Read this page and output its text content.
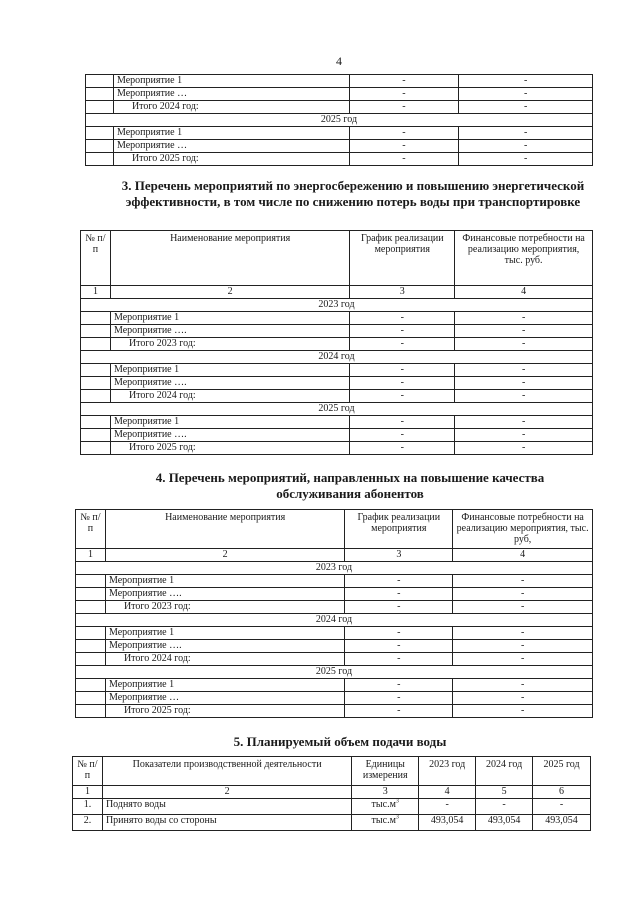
4
	Мероприятие 1	-	-
	Мероприятие …	-	-
	Итого 2024 год:	-	-
2025 год			
	Мероприятие 1	-	-
	Мероприятие …	-	-
	Итого 2025 год:	-	-
3. Перечень мероприятий по энергосбережению и повышению энергетической эффективности, в том числе по снижению потерь воды при транспортировке
№ п/п	Наименование мероприятия	График реализации мероприятия	Финансовые потребности на реализацию мероприятия, тыс. руб.
1	2	3	4
2023 год			
	Мероприятие 1	-	-
	Мероприятие ….	-	-
	Итого 2023 год:	-	-
2024 год			
	Мероприятие 1	-	-
	Мероприятие ….	-	-
	Итого 2024 год:	-	-
2025 год			
	Мероприятие 1	-	-
	Мероприятие ….	-	-
	Итого 2025 год:	-	-
4. Перечень мероприятий, направленных на повышение качества обслуживания абонентов
№ п/п	Наименование мероприятия	График реализации мероприятия	Финансовые потребности на реализацию мероприятия, тыс. руб,
1	2	3	4
2023 год			
	Мероприятие 1	-	-
	Мероприятие ….	-	-
	Итого 2023 год:	-	-
2024 год			
	Мероприятие 1	-	-
	Мероприятие ….	-	-
	Итого 2024 год:	-	-
2025 год			
	Мероприятие 1	-	-
	Мероприятие …	-	-
	Итого 2025 год:	-	-
5. Планируемый объем подачи воды
№ п/п	Показатели производственной деятельности	Единицы измерения	2023 год	2024 год	2025 год
1	2	3	4	5	6
1.	Поднято воды	$тыс.м^3$	-	-	-
2.	Принято воды со стороны	$тыс.м^3$	493,054	493,054	493,054
